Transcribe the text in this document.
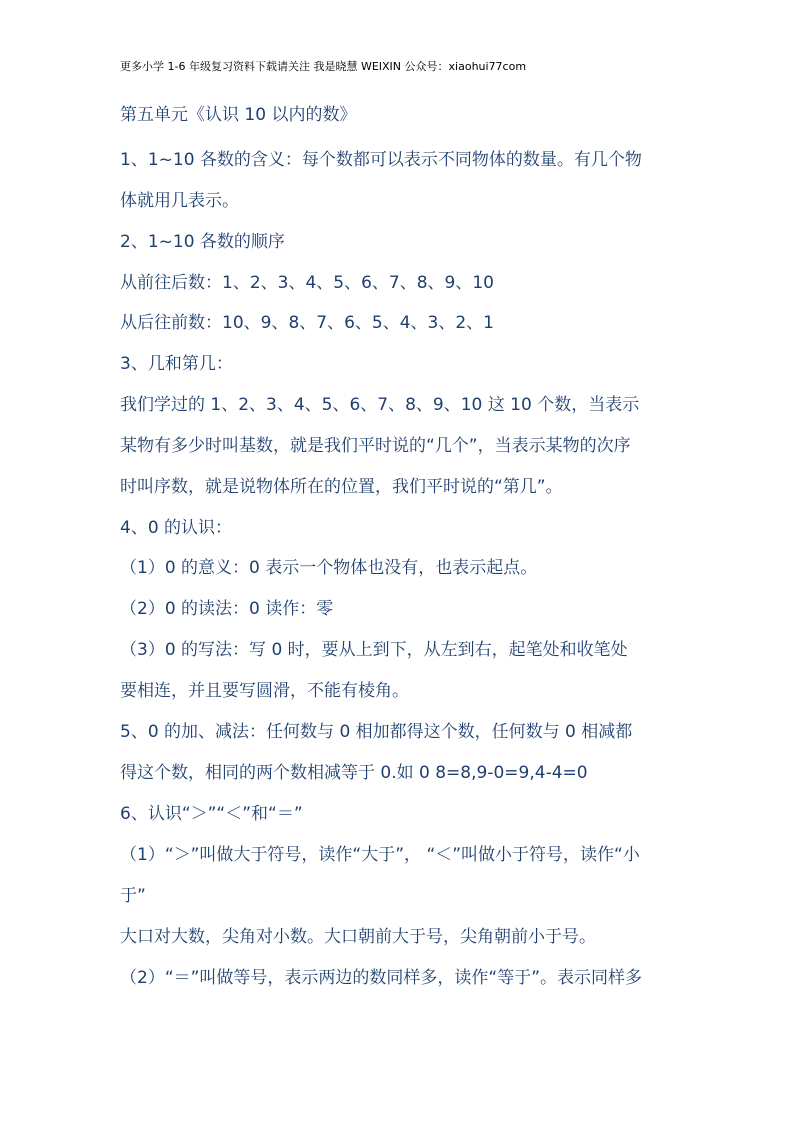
更多小学 1-6 年级复习资料下载请关注 我是晓慧 WEIXIN 公众号：xiaohui77com
第五单元《认识 10 以内的数》
1、1~10 各数的含义：每个数都可以表示不同物体的数量。有几个物
体就用几表示。
2、1~10 各数的顺序
从前往后数：1、2、3、4、5、6、7、8、9、10
从后往前数：10、9、8、7、6、5、4、3、2、1
3、几和第几：
我们学过的 1、2、3、4、5、6、7、8、9、10 这 10 个数，当表示
某物有多少时叫基数，就是我们平时说的“几个”，当表示某物的次序
时叫序数，就是说物体所在的位置，我们平时说的“第几”。
4、0 的认识：
（1）0 的意义：0 表示一个物体也没有，也表示起点。
（2）0 的读法：0 读作：零
（3）0 的写法：写 0 时，要从上到下，从左到右，起笔处和收笔处
要相连，并且要写圆滑，不能有棱角。
5、0 的加、减法：任何数与 0 相加都得这个数，任何数与 0 相减都
得这个数，相同的两个数相减等于 0.如 0 8=8,9-0=9,4-4=0
6、认识“＞”“＜”和“＝”
（1）“＞”叫做大于符号，读作“大于”， “＜”叫做小于符号，读作“小
于”
大口对大数，尖角对小数。大口朝前大于号，尖角朝前小于号。
（2）“＝”叫做等号，表示两边的数同样多，读作“等于”。表示同样多
